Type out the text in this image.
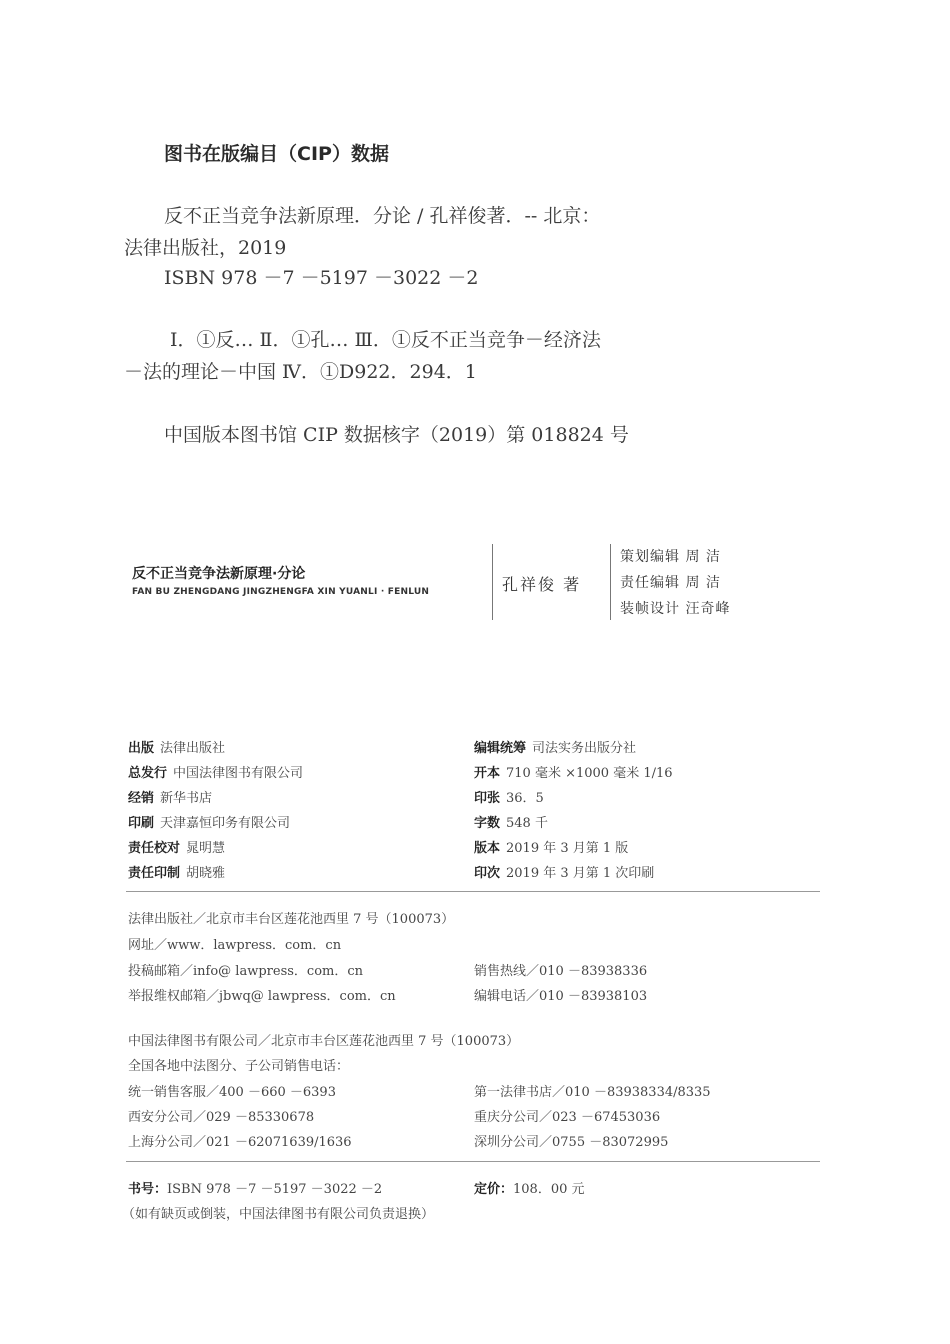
图书在版编目（CIP）数据
反不正当竞争法新原理．分论 / 孔祥俊著．-- 北京：
法律出版社，2019
ISBN 978 －7 －5197 －3022 －2
Ⅰ．①反… Ⅱ．①孔… Ⅲ．①反不正当竞争－经济法
－法的理论－中国 Ⅳ．①D922．294．1
中国版本图书馆 CIP 数据核字（2019）第 018824 号
反不正当竞争法新原理·分论
FAN BU ZHENGDANG JINGZHENGFA XIN YUANLI · FENLUN	孔祥俊 著
策划编辑 周 洁
责任编辑 周 洁
装帧设计 汪奇峰
出版 法律出版社
总发行 中国法律图书有限公司
经销 新华书店
印刷 天津嘉恒印务有限公司
责任校对 晁明慧
责任印制 胡晓雅
编辑统筹 司法实务出版分社
开本 710 毫米 ×1000 毫米 1/16
印张 36．5
字数 548 千
版本 2019 年 3 月第 1 版
印次 2019 年 3 月第 1 次印刷
法律出版社／北京市丰台区莲花池西里 7 号（100073）
网址／www．lawpress．com．cn
投稿邮箱／info@ lawpress．com．cn
举报维权邮箱／jbwq@ lawpress．com．cn
销售热线／010 －83938336
编辑电话／010 －83938103
中国法律图书有限公司／北京市丰台区莲花池西里 7 号（100073）
全国各地中法图分、子公司销售电话：
统一销售客服／400 －660 －6393
西安分公司／029 －85330678
上海分公司／021 －62071639/1636
第一法律书店／010 －83938334/8335
重庆分公司／023 －67453036
深圳分公司／0755 －83072995
书号：ISBN 978 －7 －5197 －3022 －2	定价：108．00 元
（如有缺页或倒装，中国法律图书有限公司负责退换）
